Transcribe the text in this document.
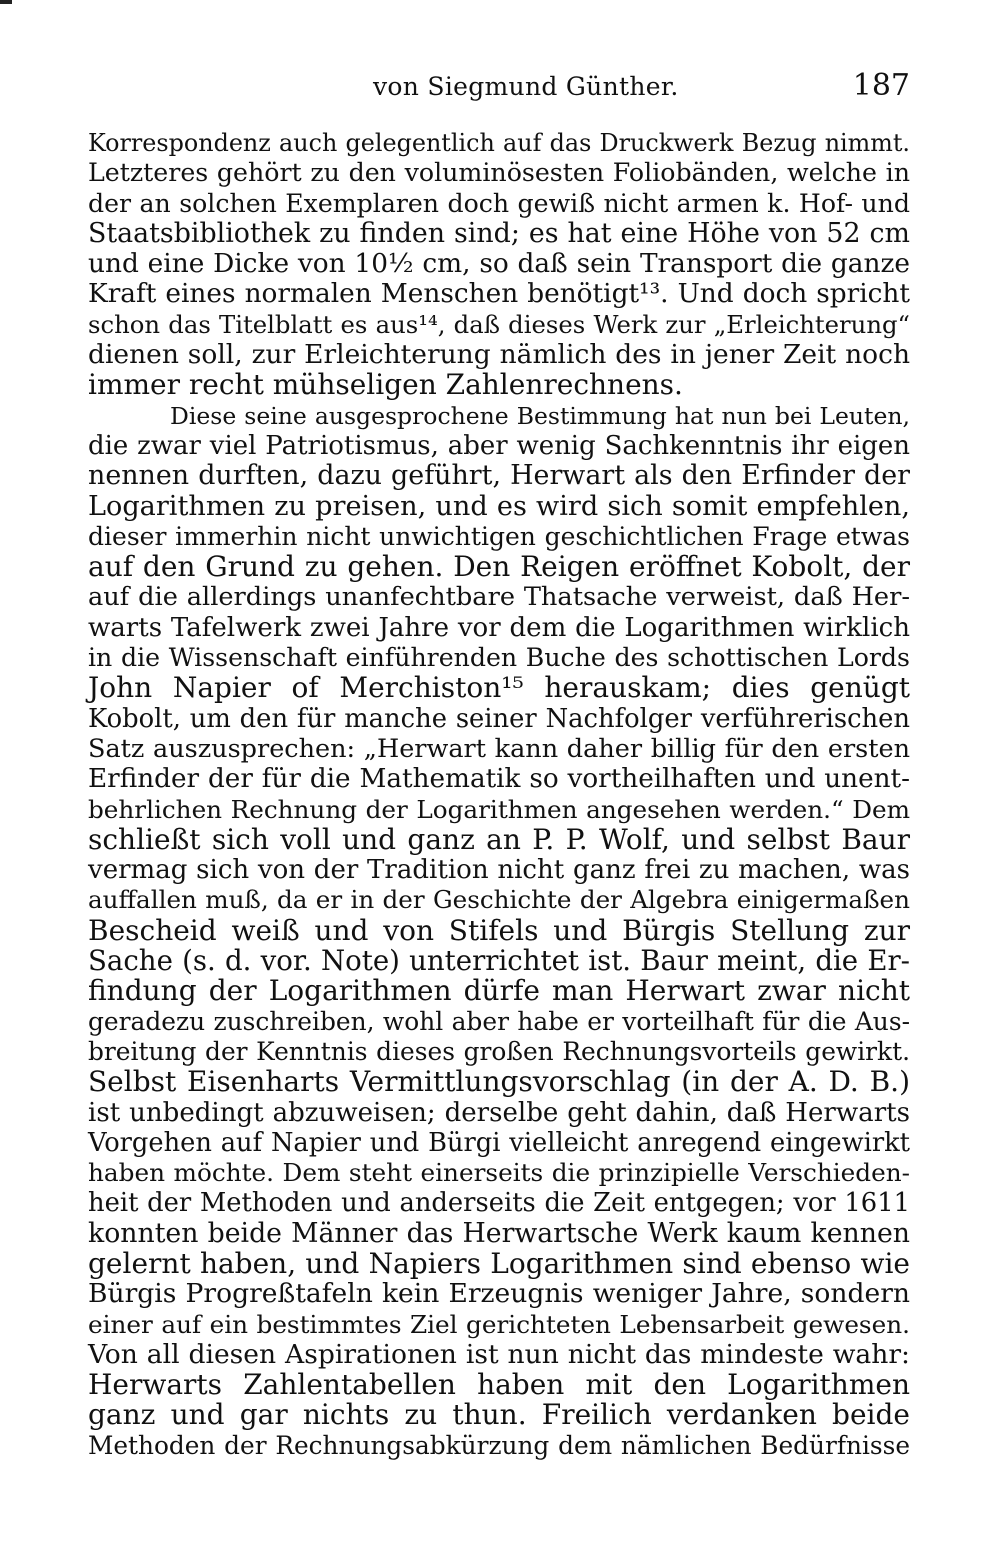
von Siegmund Günther.	187
Korrespondenz auch gelegentlich auf das Druckwerk Bezug nimmt.
Letzteres gehört zu den voluminösesten Foliobänden, welche in
der an solchen Exemplaren doch gewiß nicht armen k. Hof- und
Staatsbibliothek zu finden sind; es hat eine Höhe von 52 cm
und eine Dicke von 10½ cm, so daß sein Transport die ganze
Kraft eines normalen Menschen benötigt¹³. Und doch spricht
schon das Titelblatt es aus¹⁴, daß dieses Werk zur „Erleichterung“
dienen soll, zur Erleichterung nämlich des in jener Zeit noch
immer recht mühseligen Zahlenrechnens.
Diese seine ausgesprochene Bestimmung hat nun bei Leuten,
die zwar viel Patriotismus, aber wenig Sachkenntnis ihr eigen
nennen durften, dazu geführt, Herwart als den Erfinder der
Logarithmen zu preisen, und es wird sich somit empfehlen,
dieser immerhin nicht unwichtigen geschichtlichen Frage etwas
auf den Grund zu gehen. Den Reigen eröffnet Kobolt, der
auf die allerdings unanfechtbare Thatsache verweist, daß Her-
warts Tafelwerk zwei Jahre vor dem die Logarithmen wirklich
in die Wissenschaft einführenden Buche des schottischen Lords
John Napier of Merchiston¹⁵ herauskam; dies genügt
Kobolt, um den für manche seiner Nachfolger verführerischen
Satz auszusprechen: „Herwart kann daher billig für den ersten
Erfinder der für die Mathematik so vortheilhaften und unent-
behrlichen Rechnung der Logarithmen angesehen werden.“ Dem
schließt sich voll und ganz an P. P. Wolf, und selbst Baur
vermag sich von der Tradition nicht ganz frei zu machen, was
auffallen muß, da er in der Geschichte der Algebra einigermaßen
Bescheid weiß und von Stifels und Bürgis Stellung zur
Sache (s. d. vor. Note) unterrichtet ist. Baur meint, die Er-
findung der Logarithmen dürfe man Herwart zwar nicht
geradezu zuschreiben, wohl aber habe er vorteilhaft für die Aus-
breitung der Kenntnis dieses großen Rechnungsvorteils gewirkt.
Selbst Eisenharts Vermittlungsvorschlag (in der A. D. B.)
ist unbedingt abzuweisen; derselbe geht dahin, daß Herwarts
Vorgehen auf Napier und Bürgi vielleicht anregend eingewirkt
haben möchte. Dem steht einerseits die prinzipielle Verschieden-
heit der Methoden und anderseits die Zeit entgegen; vor 1611
konnten beide Männer das Herwartsche Werk kaum kennen
gelernt haben, und Napiers Logarithmen sind ebenso wie
Bürgis Progreßtafeln kein Erzeugnis weniger Jahre, sondern
einer auf ein bestimmtes Ziel gerichteten Lebensarbeit gewesen.
Von all diesen Aspirationen ist nun nicht das mindeste wahr:
Herwarts Zahlentabellen haben mit den Logarithmen
ganz und gar nichts zu thun. Freilich verdanken beide
Methoden der Rechnungsabkürzung dem nämlichen Bedürfnisse
